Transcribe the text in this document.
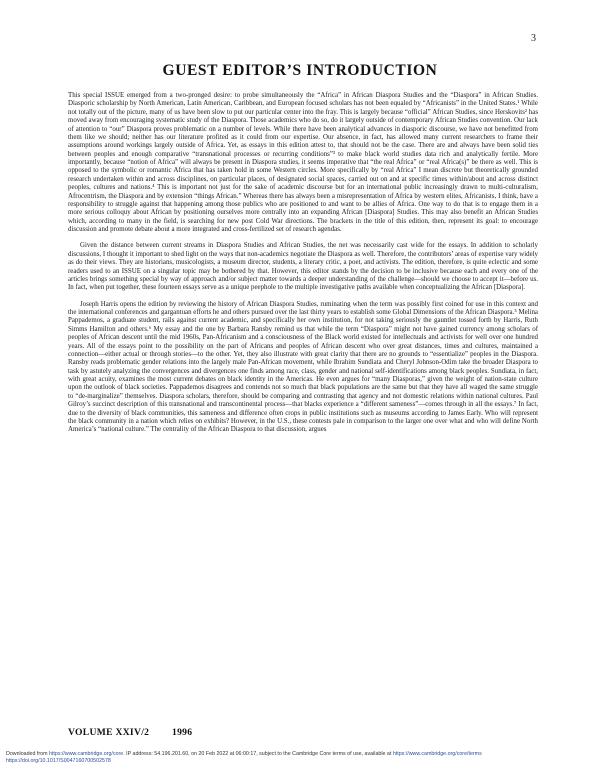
3
GUEST EDITOR’S INTRODUCTION

This special ISSUE emerged from a two-pronged desire: to probe simultaneously the “Africa” in African Diaspora Studies and the “Diaspora” in African Studies. Diasporic scholarship by North American, Latin American, Caribbean, and European focused scholars has not been equaled by “Africanists” in the United States.¹ While not totally out of the picture, many of us have been slow to put our particular center into the fray. This is largely because “official” African Studies, since Herskovits² has moved away from encouraging systematic study of the Diaspora. Those academics who do so, do it largely outside of contemporary African Studies convention. Our lack of attention to “our” Diaspora proves problematic on a number of levels. While there have been analytical advances in diasporic discourse, we have not benefitted from them like we should; neither has our literature profited as it could from our expertise. Our absence, in fact, has allowed many current researchers to frame their assumptions around workings largely outside of Africa. Yet, as essays in this edition attest to, that should not be the case. There are and always have been solid ties between peoples and enough comparative “transnational processes or recurring conditions”³ to make black world studies data rich and analytically fertile. More importantly, because “notion of Africa” will always be present in Diaspora studies, it seems imperative that “the real Africa” or “real Africa(s)” be there as well. This is opposed to the symbolic or romantic Africa that has taken hold in some Western circles. More specifically by “real Africa” I mean discrete but theoretically grounded research undertaken within and across disciplines, on particular places, of designated social spaces, carried out on and at specific times within/about and across distinct peoples, cultures and nations.⁴ This is important not just for the sake of academic discourse but for an international public increasingly drawn to multi-culturalism, Afrocentrism, the Diaspora and by extension “things African.” Whereas there has always been a misrepresentation of Africa by western elites, Africanists, I think, have a responsibility to struggle against that happening among those publics who are positioned to and want to be allies of Africa. One way to do that is to engage them in a more serious colloquy about African by positioning ourselves more centrally into an expanding African [Diaspora] Studies. This may also benefit an African Studies which, according to many in the field, is searching for new post Cold War directions. The brackets in the title of this edition, then, represent its goal: to encourage discussion and promote debate about a more integrated and cross-fertilized set of research agendas.

Given the distance between current streams in Diaspora Studies and African Studies, the net was necessarily cast wide for the essays. In addition to scholarly discussions, I thought it important to shed light on the ways that non-academics negotiate the Diaspora as well. Therefore, the contributors’ areas of expertise vary widely as do their views. They are historians, musicologists, a museum director, students, a literary critic, a poet, and activists. The edition, therefore, is quite eclectic and some readers used to an ISSUE on a singular topic may be bothered by that. However, this editor stands by the decision to be inclusive because each and every one of the articles brings something special by way of approach and/or subject matter towards a deeper understanding of the challenge—should we choose to accept it—before us. In fact, when put together, these fourteen essays serve as a unique peephole to the multiple investigative paths available when conceptualizing the African [Diaspora].

Joseph Harris opens the edition by reviewing the history of African Diaspora Studies, ruminating when the term was possibly first coined for use in this context and the international conferences and gargantuan efforts he and others pursued over the last thirty years to establish some Global Dimensions of the African Diaspora.⁵ Melina Pappademos, a graduate student, rails against current academic, and specifically her own institution, for not taking seriously the gauntlet tossed forth by Harris, Ruth Simms Hamilton and others.⁶ My essay and the one by Barbara Ransby remind us that while the term “Diaspora” might not have gained currency among scholars of peoples of African descent until the mid 1960s, Pan-Africanism and a consciousness of the Black world existed for intellectuals and activists for well over one hundred years. All of the essays point to the possibility on the part of Africans and peoples of African descent who over great distances, times and cultures, maintained a connection—either actual or through stories—to the other. Yet, they also illustrate with great clarity that there are no grounds to “essentialize” peoples in the Diaspora. Ransby reads problematic gender relations into the largely male Pan-African movement, while Ibrahim Sundiata and Cheryl Johnson-Odim take the broader Diaspora to task by astutely analyzing the convergences and divergences one finds among race, class, gender and national self-identifications among black peoples. Sundiata, in fact, with great acuity, examines the most current debates on black identity in the Americas. He even argues for “many Diasporas,” given the weight of nation-state culture upon the outlook of black societies. Pappademos disagrees and contends not so much that black populations are the same but that they have all waged the same struggle to “de-marginalize” themselves. Diaspora scholars, therefore, should be comparing and contrasting that agency and not domestic relations within national cultures. Paul Gilroy’s succinct description of this transnational and transcontinental process—that blacks experience a “different sameness”—comes through in all the essays.⁷ In fact, due to the diversity of black communities, this sameness and difference often crops in public institutions such as museums according to James Early. Who will represent the black community in a nation which relies on exhibits? However, in the U.S., these contests pale in comparison to the larger one over what and who will define North America’s “national culture.” The centrality of the African Diaspora to that discussion, argues

VOLUME XXIV/2 1996
Downloaded from https://www.cambridge.org/core. IP address: 54.196.201.60, on 20 Feb 2022 at 06:00:17, subject to the Cambridge Core terms of use, available at https://www.cambridge.org/core/terms
https://doi.org/10.1017/S0047160700502578
